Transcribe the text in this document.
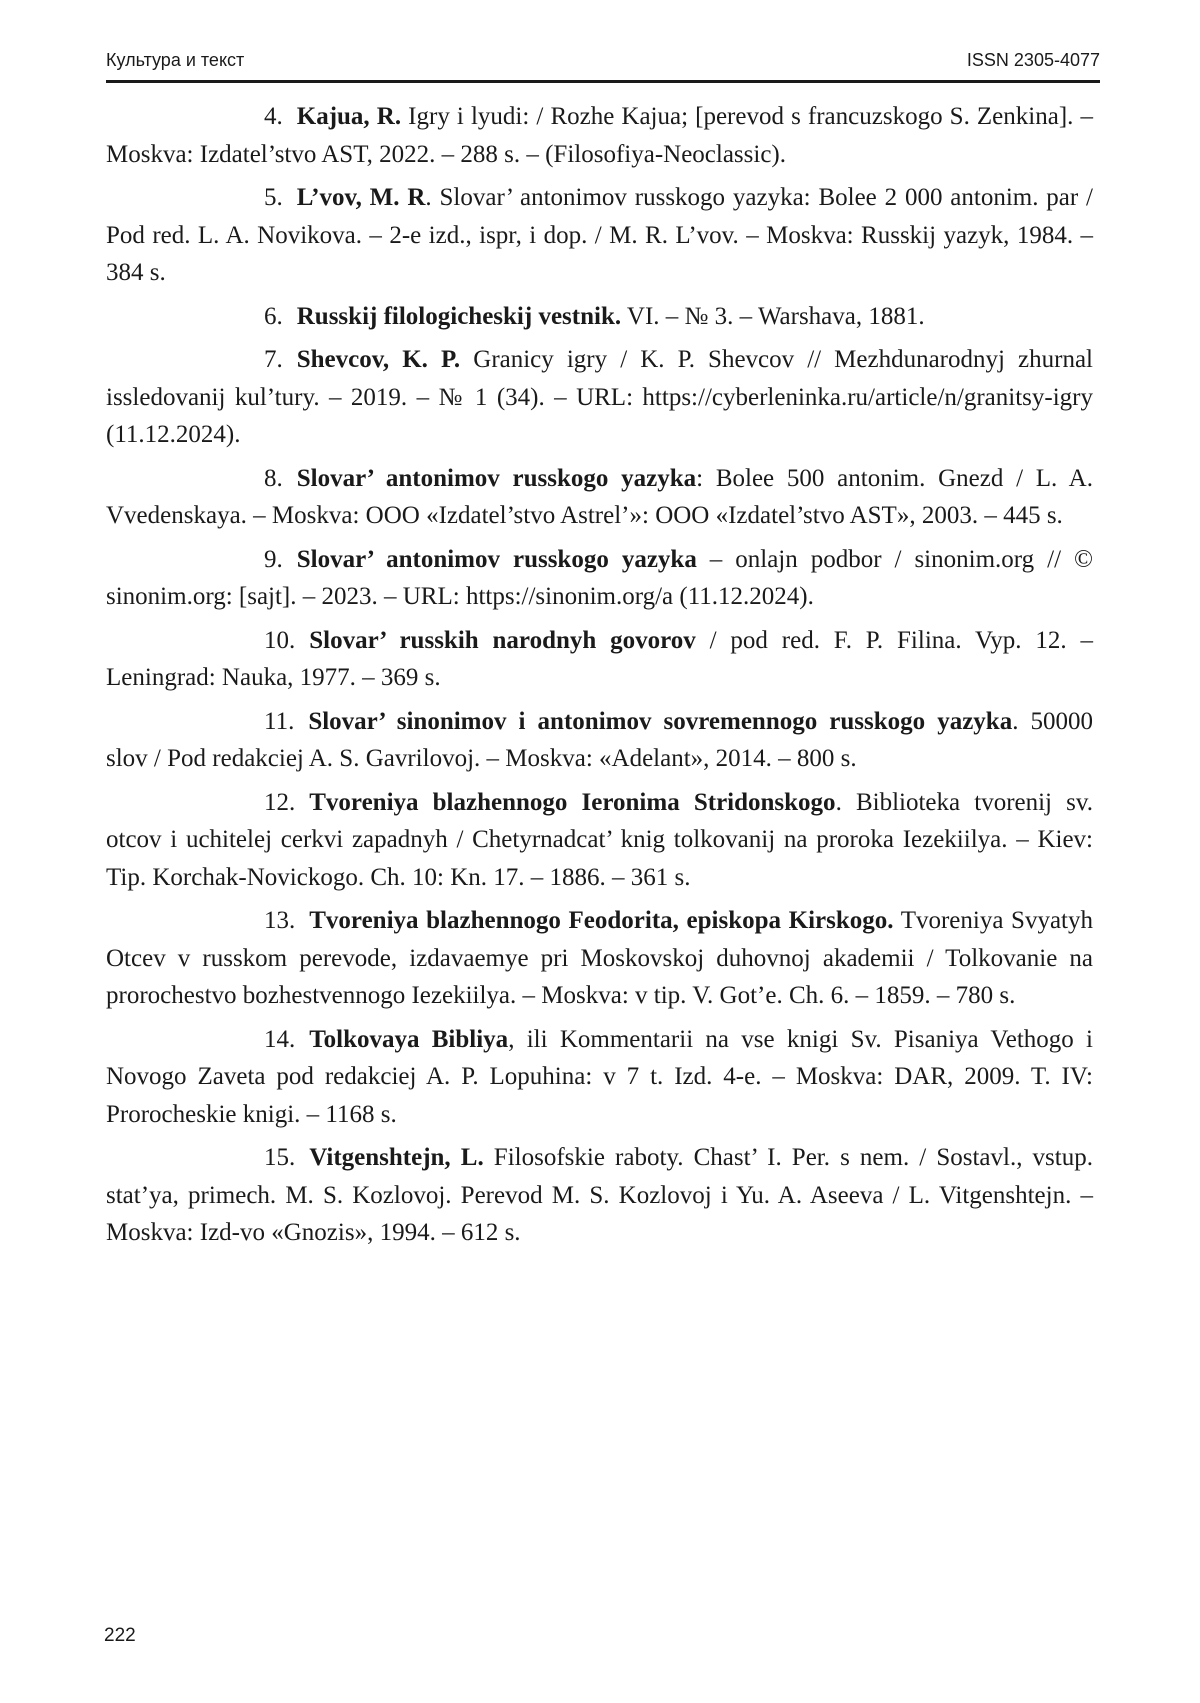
Культура и текст	ISSN 2305-4077

4. Kajua, R. Igry i lyudi: / Rozhe Kajua; [perevod s francuzskogo S. Zenkina]. – Moskva: Izdatel’stvo AST, 2022. – 288 s. – (Filosofiya-Neoclassic).

5. L’vov, M. R. Slovar’ antonimov russkogo yazyka: Bolee 2 000 antonim. par / Pod red. L. A. Novikova. – 2-e izd., ispr, i dop. / M. R. L’vov. – Moskva: Russkij yazyk, 1984. – 384 s.

6. Russkij filologicheskij vestnik. VI. – № 3. – Warshava, 1881.

7. Shevcov, K. P. Granicy igry / K. P. Shevcov // Mezhdunarodnyj zhurnal issledovanij kul’tury. – 2019. – № 1 (34). – URL: https://cyberleninka.ru/article/n/granitsy-igry (11.12.2024).

8. Slovar’ antonimov russkogo yazyka: Bolee 500 antonim. Gnezd / L. A. Vvedenskaya. – Moskva: OOO «Izdatel’stvo Astrel’»: OOO «Izdatel’stvo AST», 2003. – 445 s.

9. Slovar’ antonimov russkogo yazyka – onlajn podbor / sinonim.org // © sinonim.org: [sajt]. – 2023. – URL: https://sinonim.org/a (11.12.2024).

10. Slovar’ russkih narodnyh govorov / pod red. F. P. Filina. Vyp. 12. – Leningrad: Nauka, 1977. – 369 s.

11. Slovar’ sinonimov i antonimov sovremennogo russkogo yazyka. 50000 slov / Pod redakciej A. S. Gavrilovoj. – Moskva: «Adelant», 2014. – 800 s.

12. Tvoreniya blazhennogo Ieronima Stridonskogo. Biblioteka tvorenij sv. otcov i uchitelej cerkvi zapadnyh / Chetyrnadcat’ knig tolkovanij na proroka Iezekiilya. – Kiev: Tip. Korchak-Novickogo. Ch. 10: Kn. 17. – 1886. – 361 s.

13. Tvoreniya blazhennogo Feodorita, episkopa Kirskogo. Tvoreniya Svyatyh Otcev v russkom perevode, izdavaemye pri Moskovskoj duhovnoj akademii / Tolkovanie na prorochestvo bozhestvennogo Iezekiilya. – Moskva: v tip. V. Got’e. Ch. 6. – 1859. – 780 s.

14. Tolkovaya Bibliya, ili Kommentarii na vse knigi Sv. Pisaniya Vethogo i Novogo Zaveta pod redakciej A. P. Lopuhina: v 7 t. Izd. 4-e. – Moskva: DAR, 2009. T. IV: Prorocheskie knigi. – 1168 s.

15. Vitgenshtejn, L. Filosofskie raboty. Chast’ I. Per. s nem. / Sostavl., vstup. stat’ya, primech. M. S. Kozlovoj. Perevod M. S. Kozlovoj i Yu. A. Aseeva / L. Vitgenshtejn. – Moskva: Izd-vo «Gnozis», 1994. – 612 s.

222
